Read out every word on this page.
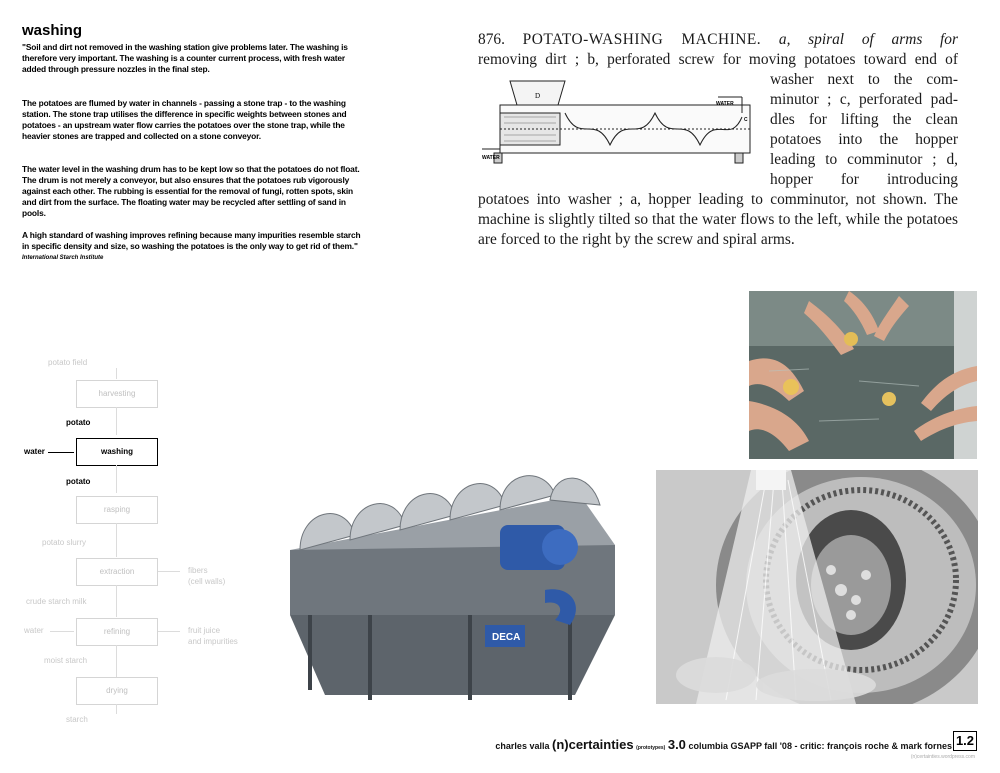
washing
"Soil and dirt not removed in the washing station give problems later. The washing is therefore very important. The washing is a counter current process, with fresh water added through pressure nozzles in the final step.
The potatoes are flumed by water in channels - passing a stone trap - to the washing station. The stone trap utilises the difference in specific weights between stones and potatoes - an upstream water flow carries the potatoes over the stone trap, while the heavier stones are trapped and collected on a stone conveyor.
The water level in the washing drum has to be kept low so that the potatoes do not float. The drum is not merely a conveyor, but also ensures that the potatoes rub vigorously against each other. The rubbing is essential for the removal of fungi, rotten spots, skin and dirt from the surface. The floating water may be recycled after settling of sand in pools.
A high standard of washing improves refining because many impurities resemble starch in specific density and size, so washing the potatoes is the only way to get rid of them."
International Starch Institute
876. POTATO-WASHING MACHINE. a, spiral of arms for
removing dirt ; b, perforated screw for moving potatoes toward end of
washer next to the com-
minutor ; c, perforated pad-
dles for lifting the clean
potatoes into the hopper
leading to comminutor ; d,
hopper for introducing
potatoes into washer ; a, hopper leading to comminutor, not shown. The machine is slightly tilted so that the water flows to the left, while the potatoes are forced to the right by the screw and spiral arms.
D
WATER
WATER
C
potato field
harvesting
potato
water	washing
potato
rasping
potato slurry
extraction	fibers
(cell walls)
crude starch milk
water	refining	fruit juice
and impurities
moist starch
drying
starch
DECA
charles valla (n)certainties (prototypes) 3.0 columbia GSAPP fall '08 - critic: françois roche & mark fornes 1.2
(n)certainties.wordpress.com
